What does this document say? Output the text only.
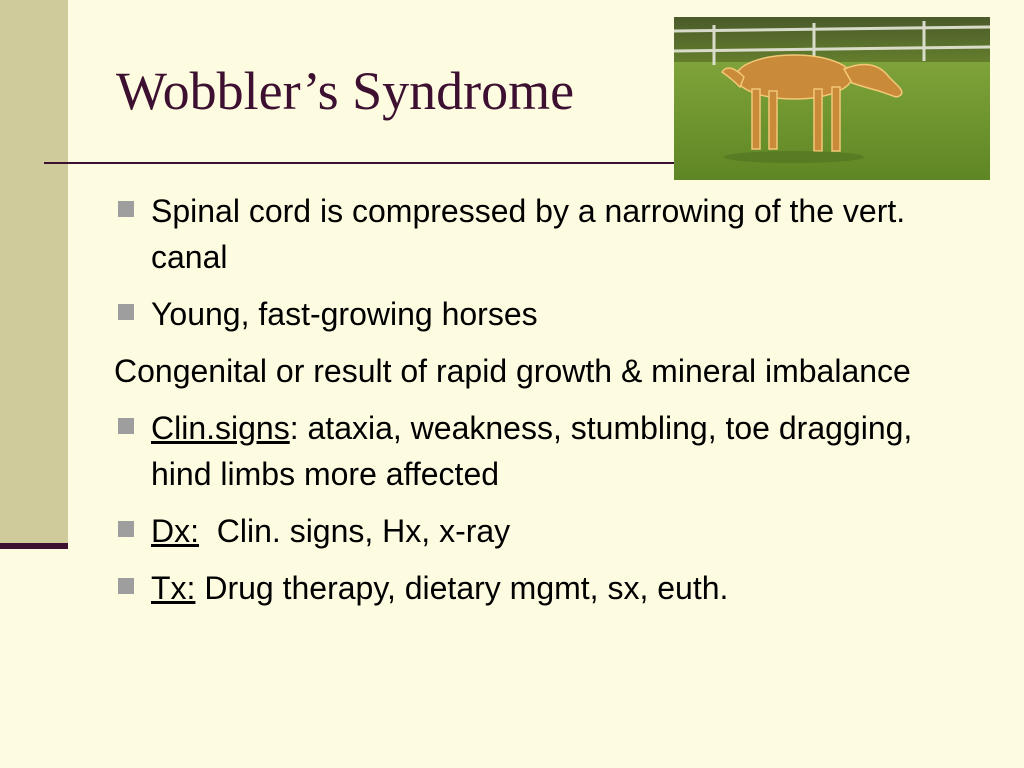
Wobbler’s Syndrome
Spinal cord is compressed by a narrowing of the vert. canal
Young, fast-growing horses
Congenital or result of rapid growth & mineral imbalance
Clin.signs: ataxia, weakness, stumbling, toe dragging, hind limbs more affected
Dx:  Clin. signs, Hx, x-ray
Tx: Drug therapy, dietary mgmt, sx, euth.
